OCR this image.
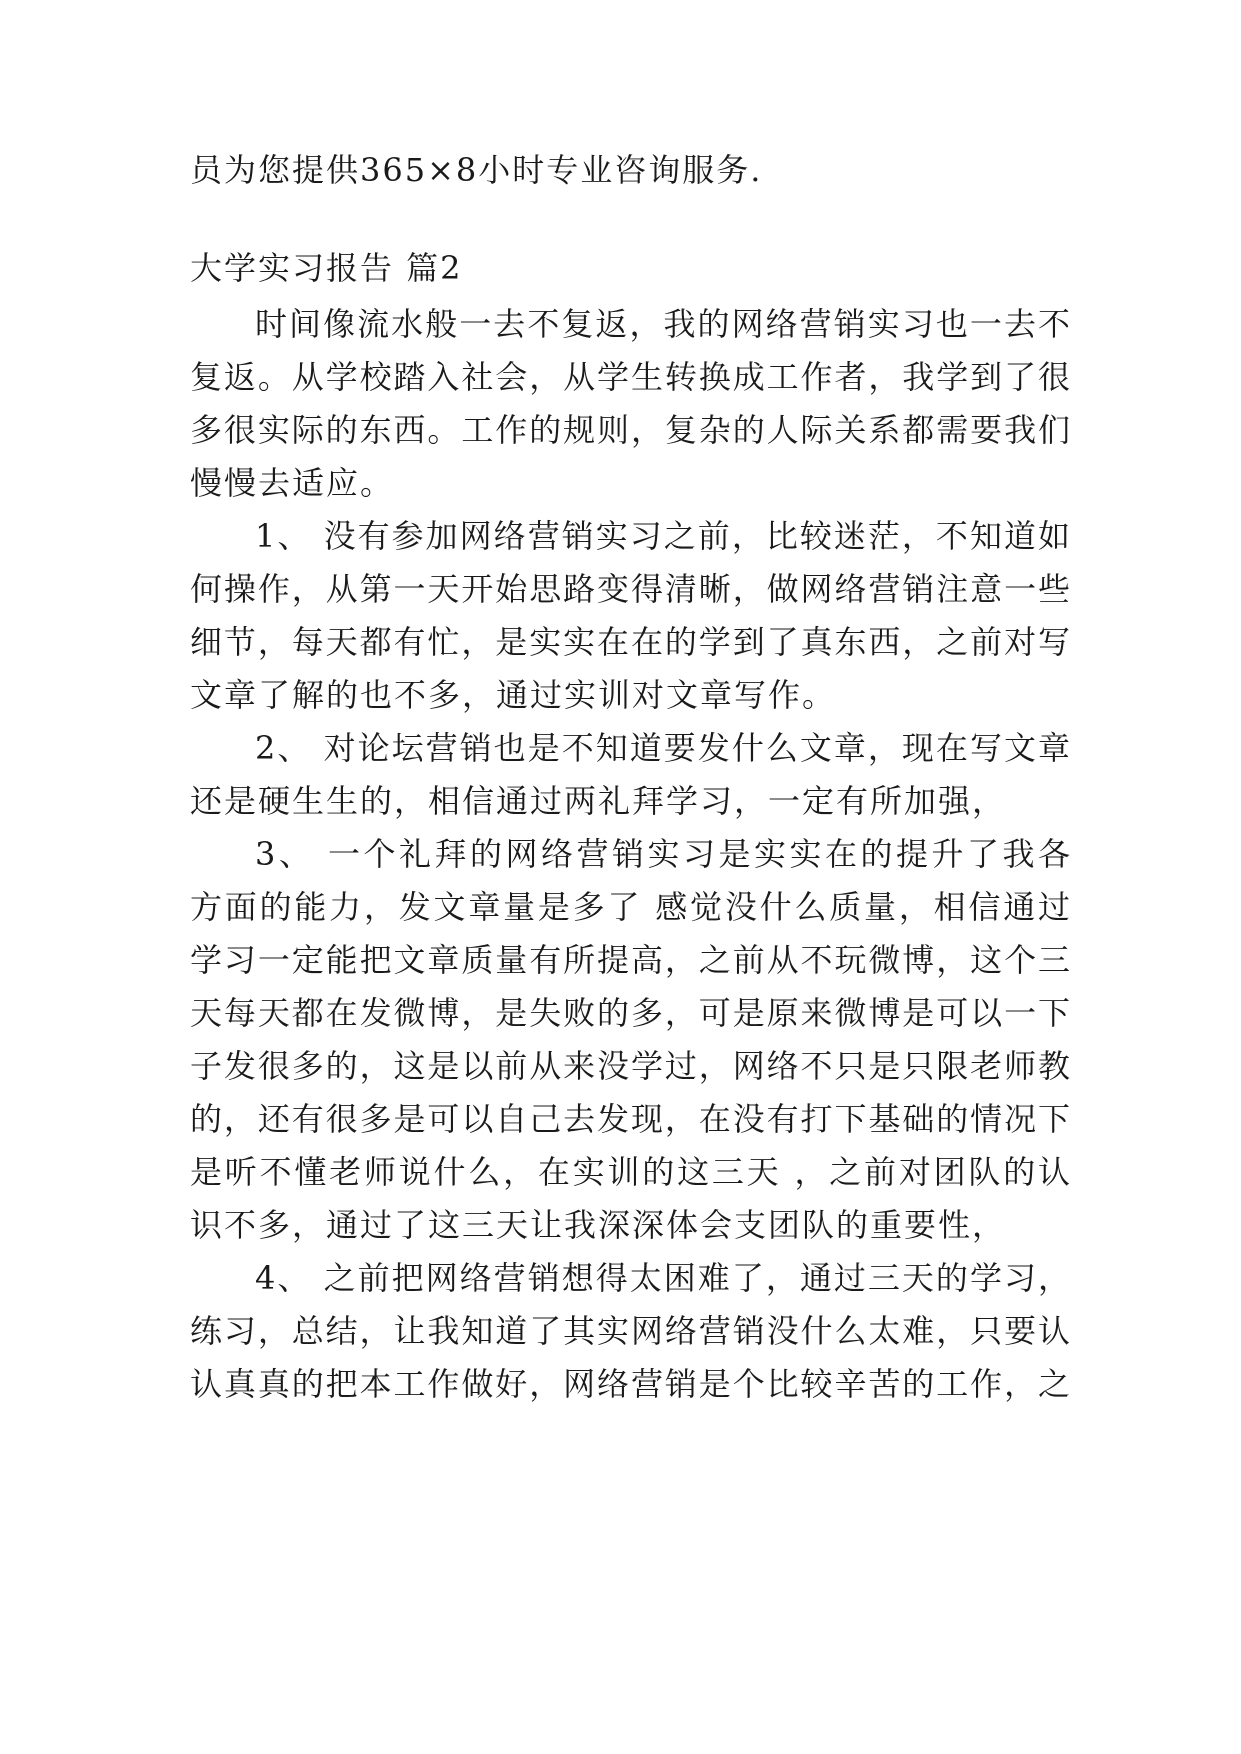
员为您提供365×8小时专业咨询服务.
大学实习报告 篇2
时间像流水般一去不复返，我的网络营销实习也一去不
复返。从学校踏入社会，从学生转换成工作者，我学到了很
多很实际的东西。工作的规则，复杂的人际关系都需要我们
慢慢去适应。
1、 没有参加网络营销实习之前，比较迷茫，不知道如
何操作，从第一天开始思路变得清晰，做网络营销注意一些
细节，每天都有忙，是实实在在的学到了真东西，之前对写
文章了解的也不多，通过实训对文章写作。
2、 对论坛营销也是不知道要发什么文章，现在写文章
还是硬生生的，相信通过两礼拜学习，一定有所加强，
3、 一个礼拜的网络营销实习是实实在的提升了我各
方面的能力，发文章量是多了 感觉没什么质量，相信通过
学习一定能把文章质量有所提高，之前从不玩微博，这个三
天每天都在发微博，是失败的多，可是原来微博是可以一下
子发很多的，这是以前从来没学过，网络不只是只限老师教
的，还有很多是可以自己去发现，在没有打下基础的情况下
是听不懂老师说什么，在实训的这三天 ，之前对团队的认
识不多，通过了这三天让我深深体会支团队的重要性，
4、 之前把网络营销想得太困难了，通过三天的学习，
练习，总结，让我知道了其实网络营销没什么太难，只要认
认真真的把本工作做好，网络营销是个比较辛苦的工作，之
